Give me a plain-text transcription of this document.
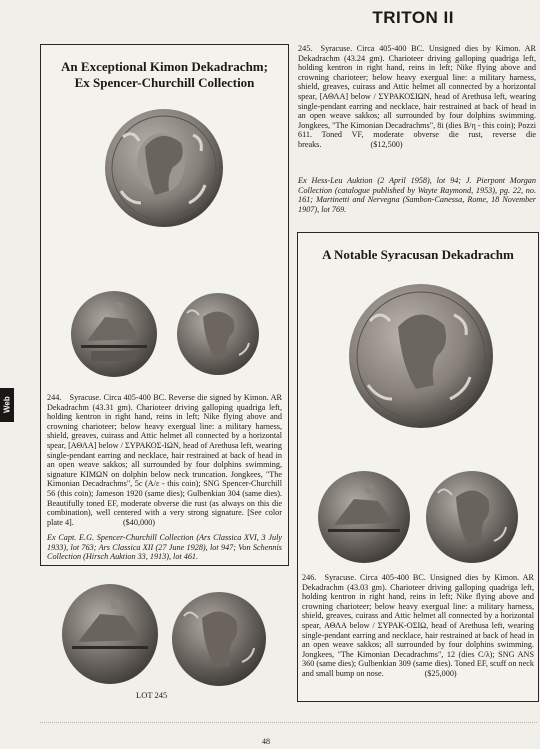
TRITON II
Web
An Exceptional Kimon Dekadrachm;
Ex Spencer-Churchill Collection

244. Syracuse. Circa 405-400 BC. Reverse die signed by Kimon. AR Dekadrachm (43.31 gm). Charioteer driving galloping quadriga left, holding kentron in right hand, reins in left; Nike flying above and crowning charioteer; below heavy exergual line: a military harness, shield, greaves, cuirass and Attic helmet all connected by a horizontal spear, [ΑΘΛΑ] below / ΣΥΡΑΚΟΣ-ΙΩΝ, head of Arethusa left, wearing single-pendant earring and necklace, hair restrained at back of head in an open weave sakkos; all surrounded by four dolphins swimming, signature ΚΙΜΩΝ on dolphin below neck truncation. Jongkees, "The Kimonian Decadrachms", 5c (A/ε - this coin); SNG Spencer-Churchill 56 (this coin); Jameson 1920 (same dies); Gulbenkian 304 (same dies). Beautifully toned EF, moderate obverse die rust (as always on this die combination), well centered with a very strong signature. [See color plate 4].      ($40,000)

Ex Capt. E.G. Spencer-Churchill Collection (Ars Classica XVI, 3 July 1933), lot 763; Ars Classica XII (27 June 1928), lot 947; Von Schennis Collection (Hirsch Auktion 33, 1913), lot 461.

245. Syracuse. Circa 405-400 BC. Unsigned dies by Kimon. AR Dekadrachm (43.24 gm). Charioteer driving galloping quadriga left, holding kentron in right hand, reins in left; Nike flying above and crowning charioteer; below heavy exergual line: a military harness, shield, greaves, cuirass and Attic helmet all connected by a horizontal spear, [ΑΘΛΑ] below / ΣΥΡΑΚΟΣΙΩΝ, head of Arethusa left, wearing single-pendant earring and necklace, hair restrained at back of head in an open weave sakkos; all surrounded by four dolphins swimming. Jongkees, "The Kimonian Decadrachms", 8i (dies B/η - this coin); Pozzi 611. Toned VF, moderate obverse die rust, reverse die breaks.      ($12,500)

Ex Hess-Leu Auktion (2 April 1958), lot 94; J. Pierpont Morgan Collection (catalogue published by Wayte Raymond, 1953), pg. 22, no. 161; Martinetti and Nervegna (Sambon-Canessa, Rome, 18 November 1907), lot 769.

LOT 245
A Notable Syracusan Dekadrachm

246. Syracuse. Circa 405-400 BC. Unsigned dies by Kimon. AR Dekadrachm (43.03 gm). Charioteer driving galloping quadriga left, holding kentron in right hand, reins in left; Nike flying above and crowning charioteer; below heavy exergual line: a military harness, shield, greaves, cuirass and Attic helmet all connected by a horizontal spear, ΑΘΛΑ below / ΣΥΡΑΚ-ΟΣΙΩ, head of Arethusa left, wearing single-pendant earring and necklace, hair restrained at back of head in an open weave sakkos; all surrounded by four dolphins swimming. Jongkees, "The Kimonian Decadrachms", 12 (dies C/λ); SNG ANS 360 (same dies); Gulbenkian 309 (same dies). Toned EF, scuff on neck and small bump on nose.     ($25,000)

48
